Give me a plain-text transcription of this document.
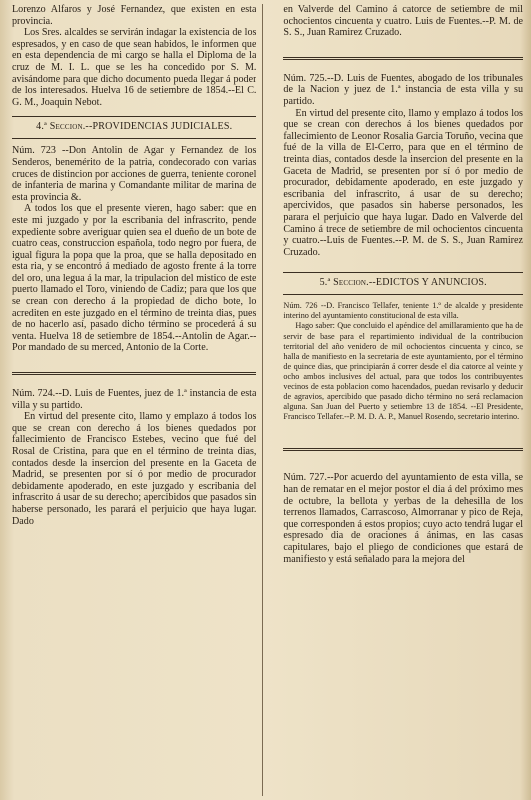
Lorenzo Alfaros y José Fernandez, que existen en esta provincia.

Los Sres. alcaldes se servirán indagar la existencia de los espresados, y en caso de que sean habidos, le informen que en esta dependencia de mi cargo se halla el Diploma de la cruz de M. I. L. que se les ha concedido por S. M. avisándome para que dicho documento pueda llegar á poder de los interesados. Huelva 16 de setiembre de 1854.--El C. G. M., Joaquin Nebot.

4.ª Seccion.--PROVIDENCIAS JUDICIALES.

Núm. 723 --Don Antolin de Agar y Fernandez de los Senderos, benemérito de la patria, condecorado con varias cruces de distincion por acciones de guerra, teniente coronel de infanteria de marina y Comandante militar de marina de esta provincia &.

A todos los que el presente vieren, hago saber: que en este mi juzgado y por la escribania del infrascrito, pende expediente sobre averiguar quien sea el dueño de un bote de cuatro ceas, construccion española, todo negro por fuera, de igual figura la popa que la proa, que se halla depositado en esta ria, y se encontró á mediado de agosto frente á la torre del oro, una legua á la mar, la tripulacion del mistico de este puerto llamado el Toro, viniendo de Cadiz; para que los que se crean con derecho á la propiedad de dicho bote, lo acrediten en este juzgado en el término de treinta dias, pues de no hacerlo así, pasado dicho término se procederá á su venta. Huelva 18 de setiembre de 1854.--Antolin de Agar.--Por mandado de su merced, Antonio de la Corte.

Núm. 724.--D. Luis de Fuentes, juez de 1.ª instancia de esta villa y su partido.

En virtud del presente cito, llamo y emplazo á todos los que se crean con derecho á los bienes quedados por fallecimiento de Francisco Estebes, vecino que fué del Rosal de Cristina, para que en el término de treinta dias, contados desde la insercion del presente en la Gaceta de Madrid, se presenten por sí ó por medio de procurador debidamente apoderado, en este juzgado y escribania del infrascrito á usar de su derecho; apercibidos que pasados sin haberse personado, les parará el perjuicio que haya lugar. Dado

en Valverde del Camino á catorce de setiembre de mil ochocientos cincuenta y cuatro. Luis de Fuentes.--P. M. de S. S., Juan Ramirez Cruzado.

Núm. 725.--D. Luis de Fuentes, abogado de los tribunales de la Nacion y juez de 1.ª instancia de esta villa y su partido.

En virtud del presente cito, llamo y emplazo á todos los que se crean con derechos á los bienes quedados por fallecimiento de Leonor Rosalia Garcia Toruño, vecina que fué de la villa de El-Cerro, para que en el término de treinta dias, contados desde la insercion del presente en la Gaceta de Madrid, se presenten por sí ó por medio de procurador, debidamente apoderado, en este juzgado y escribania del infrascrito, á usar de su derecho; apercividos, que pasados sin haberse personados, les parara el perjuicio que haya lugar. Dado en Valverde del Camino á trece de setiembre de mil ochocientos cincuenta y cuatro.--Luis de Fuentes.--P. M. de S. S., Juan Ramirez Cruzado.

5.ª Seccion.--EDICTOS Y ANUNCIOS.

Núm. 726 --D. Francisco Tellafer, teniente 1.º de alcalde y presidente interino del ayuntamiento constitucional de esta villa.

Hago saber: Que concluido el apéndice del amillaramiento que ha de servir de base para el repartimiento individual de la contribucion territorial del año venidero de mil ochocientos cincuenta y cinco, se halla de manifiesto en la secretaria de este ayuntamiento, por el término de quince dias, que principiarán á correr desde el dia catorce al veinte y ocho ambos inclusives del actual, para que todos los contribuyentes vecinos de esta poblacion como hacendados, puedan revisarlo y deducir de agravios, apercibido que pasado dicho término no será reclamacion alguna. San Juan del Puerto y setiembre 13 de 1854. --El Presidente, Francisco Tellafer.--P. M. D. A. P., Manuel Rosendo, secretario interino.

Núm. 727.--Por acuerdo del ayuntamiento de esta villa, se han de rematar en el mejor postor el dia á del próximo mes de octubre, la bellota y yerbas de la dehesilla de los terrenos llamados, Carrascoso, Almorranar y pico de Reja, que corresponden á estos propios; cuyo acto tendrá lugar el espresado dia de oraciones á ánimas, en las casas capitulares, bajo el pliego de condiciones que estará de manifiesto y está señalado para la mejora del
